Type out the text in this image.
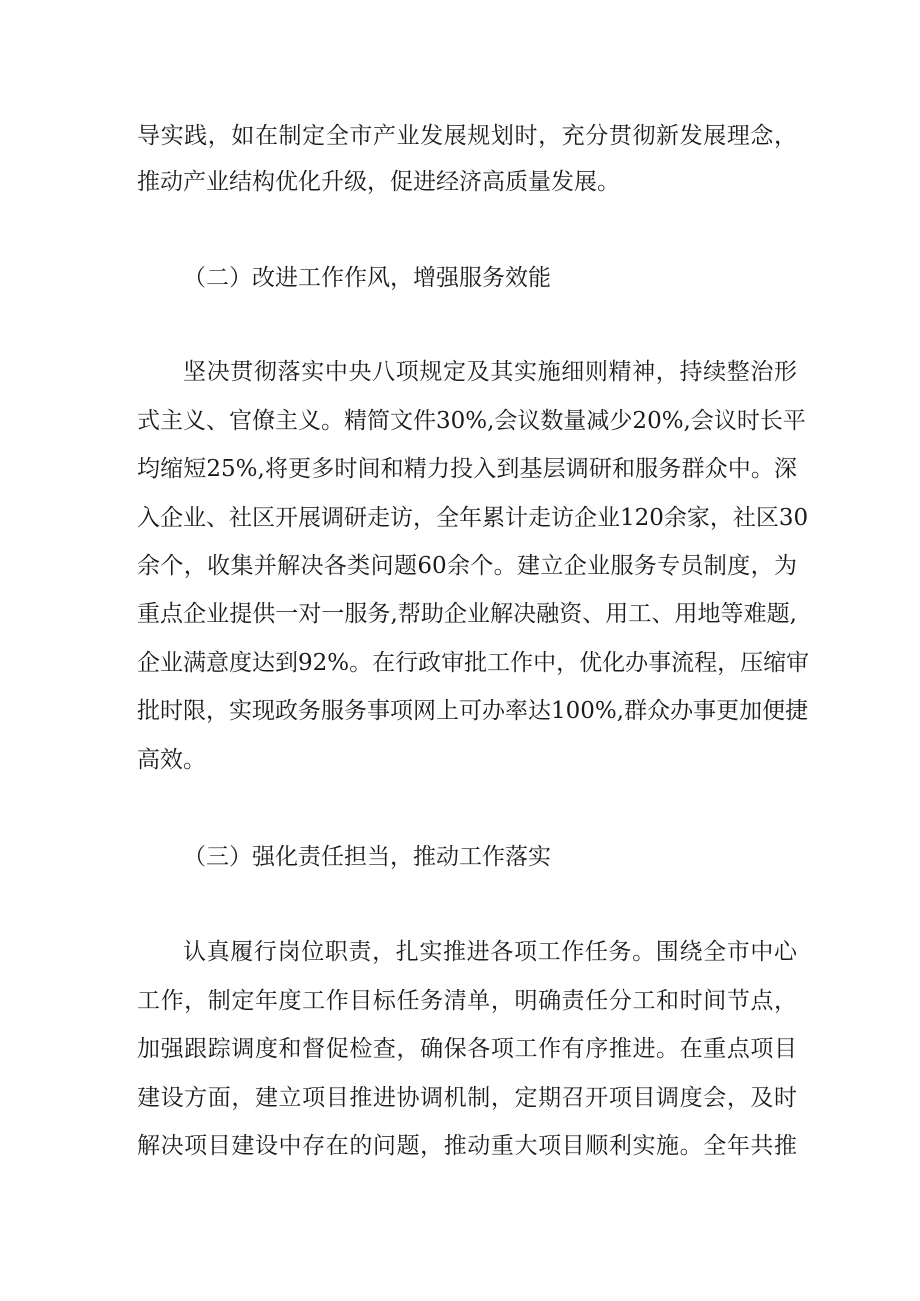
导实践，如在制定全市产业发展规划时，充分贯彻新发展理念，
推动产业结构优化升级，促进经济高质量发展。
（二）改进工作作风，增强服务效能
坚决贯彻落实中央八项规定及其实施细则精神，持续整治形
式主义、官僚主义。精简文件30%,会议数量减少20%,会议时长平
均缩短25%,将更多时间和精力投入到基层调研和服务群众中。深
入企业、社区开展调研走访，全年累计走访企业120余家，社区30
余个，收集并解决各类问题60余个。建立企业服务专员制度，为
重点企业提供一对一服务,帮助企业解决融资、用工、用地等难题,
企业满意度达到92%。在行政审批工作中，优化办事流程，压缩审
批时限，实现政务服务事项网上可办率达100%,群众办事更加便捷
高效。
（三）强化责任担当，推动工作落实
认真履行岗位职责，扎实推进各项工作任务。围绕全市中心
工作，制定年度工作目标任务清单，明确责任分工和时间节点，
加强跟踪调度和督促检查，确保各项工作有序推进。在重点项目
建设方面，建立项目推进协调机制，定期召开项目调度会，及时
解决项目建设中存在的问题，推动重大项目顺利实施。全年共推
